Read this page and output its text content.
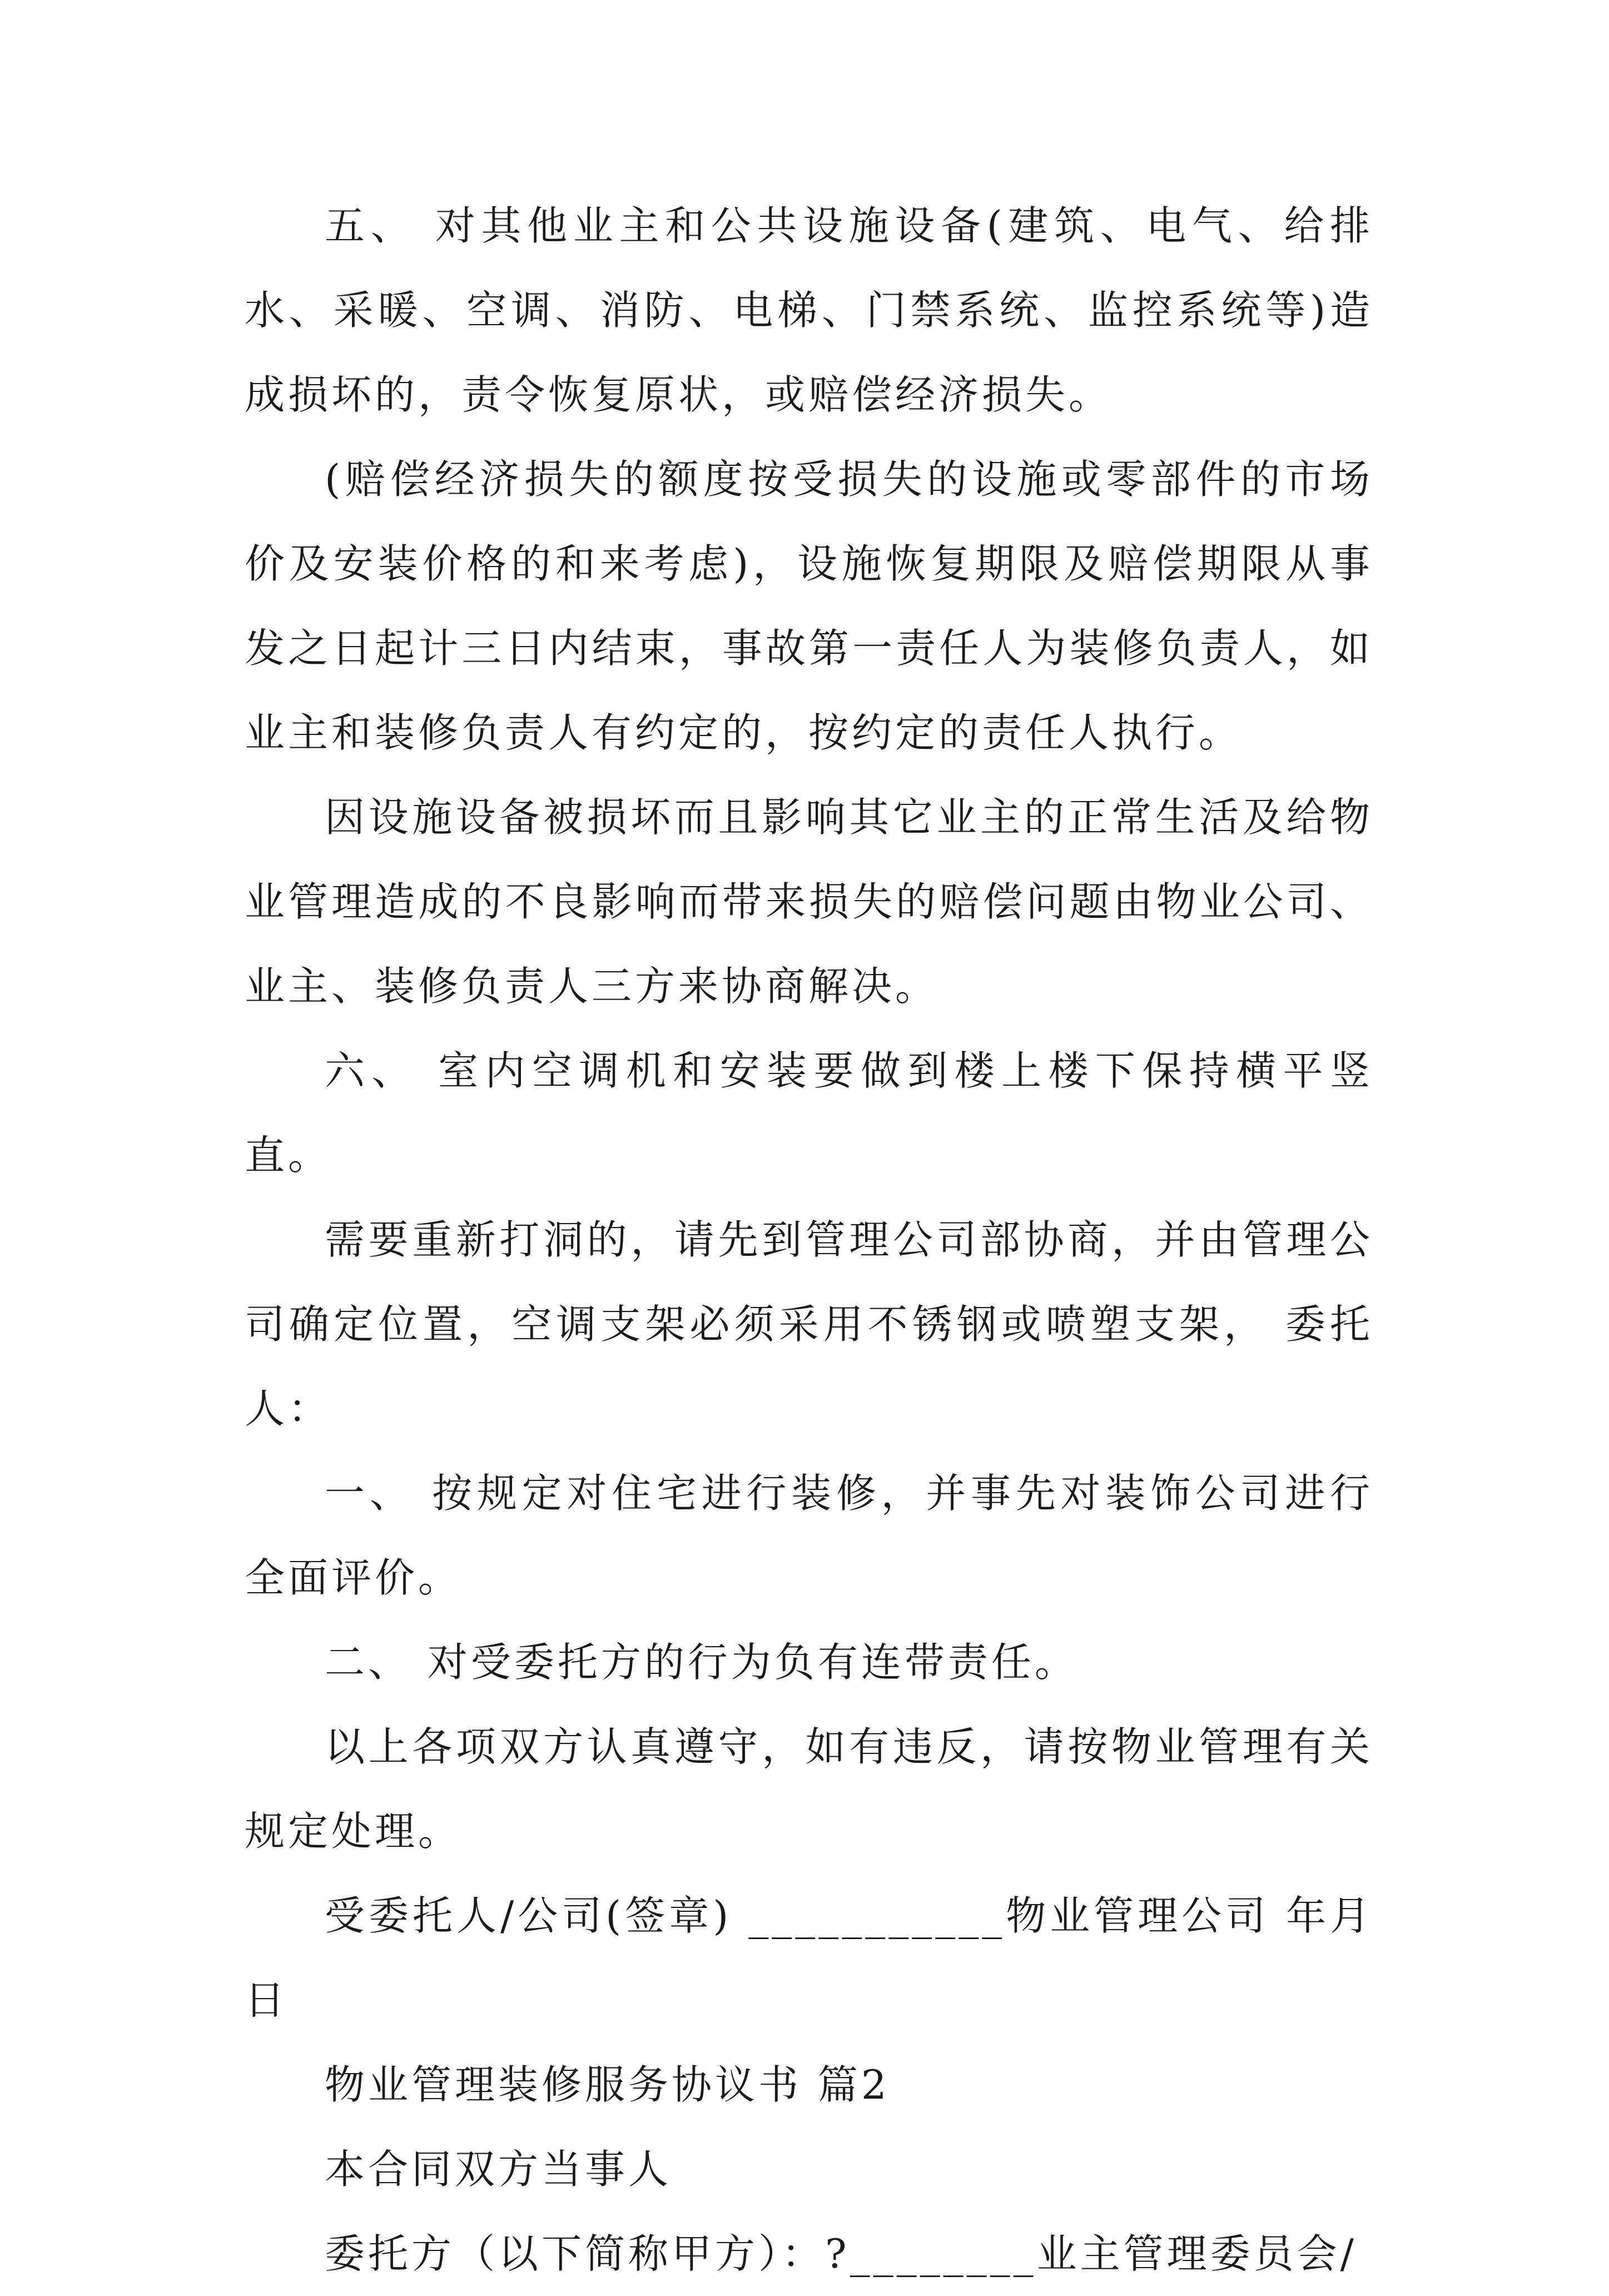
五、 对其他业主和公共设施设备(建筑、电气、给排水、采暖、空调、消防、电梯、门禁系统、监控系统等)造成损坏的，责令恢复原状，或赔偿经济损失。

(赔偿经济损失的额度按受损失的设施或零部件的市场价及安装价格的和来考虑)，设施恢复期限及赔偿期限从事发之日起计三日内结束，事故第一责任人为装修负责人，如业主和装修负责人有约定的，按约定的责任人执行。

因设施设备被损坏而且影响其它业主的正常生活及给物业管理造成的不良影响而带来损失的赔偿问题由物业公司、业主、装修负责人三方来协商解决。

六、 室内空调机和安装要做到楼上楼下保持横平竖直。

需要重新打洞的，请先到管理公司部协商，并由管理公司确定位置，空调支架必须采用不锈钢或喷塑支架， 委托人：

一、 按规定对住宅进行装修，并事先对装饰公司进行全面评价。

二、 对受委托方的行为负有连带责任。

以上各项双方认真遵守，如有违反，请按物业管理有关规定处理。

受委托人/公司(签章) ___________物业管理公司 年月 日

物业管理装修服务协议书 篇2

本合同双方当事人

委托方（以下简称甲方）：?________业主管理委员会/
